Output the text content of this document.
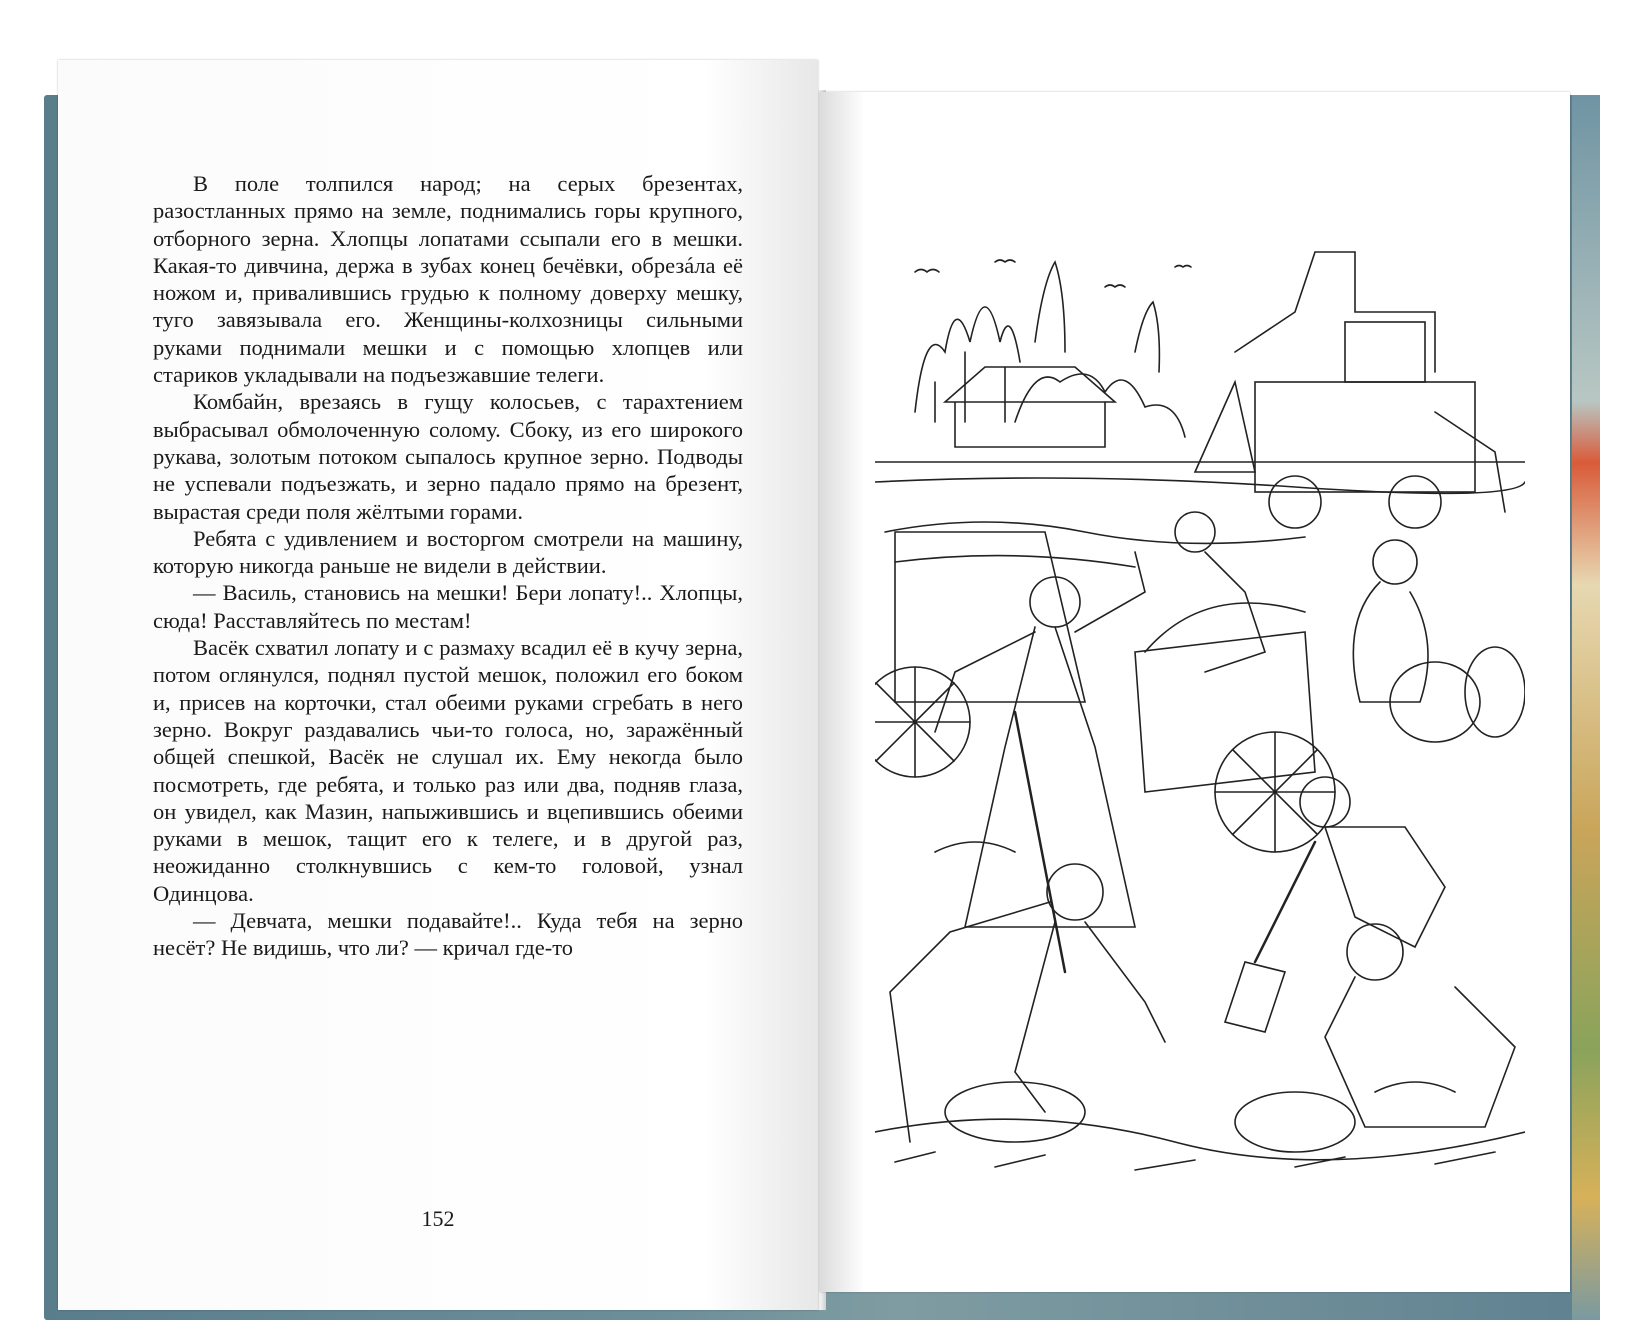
В поле толпился народ; на серых брезентах, разостланных прямо на земле, поднимались горы крупного, отборного зерна. Хлопцы лопатами ссыпали его в мешки. Какая-то дивчина, держа в зубах конец бечёвки, обрезáла её ножом и, привалившись грудью к полному доверху мешку, туго завязывала его. Женщины-колхозницы сильными руками поднимали мешки и с помощью хлопцев или стариков укладывали на подъезжавшие телеги.

Комбайн, врезаясь в гущу колосьев, с тарахтением выбрасывал обмолоченную солому. Сбоку, из его широкого рукава, золотым потоком сыпалось крупное зерно. Подводы не успевали подъезжать, и зерно падало прямо на брезент, вырастая среди поля жёлтыми горами.

Ребята с удивлением и восторгом смотрели на машину, которую никогда раньше не видели в действии.

— Василь, становись на мешки! Бери лопату!.. Хлопцы, сюда! Расставляйтесь по местам!

Васёк схватил лопату и с размаху всадил её в кучу зерна, потом оглянулся, поднял пустой мешок, положил его боком и, присев на корточки, стал обеими руками сгребать в него зерно. Вокруг раздавались чьи-то голоса, но, заражённый общей спешкой, Васёк не слушал их. Ему некогда было посмотреть, где ребята, и только раз или два, подняв глаза, он увидел, как Мазин, напыжившись и вцепившись обеими руками в мешок, тащит его к телеге, и в другой раз, неожиданно столкнувшись с кем-то головой, узнал Одинцова.

— Девчата, мешки подавайте!.. Куда тебя на зерно несёт? Не видишь, что ли? — кричал где-то

152
